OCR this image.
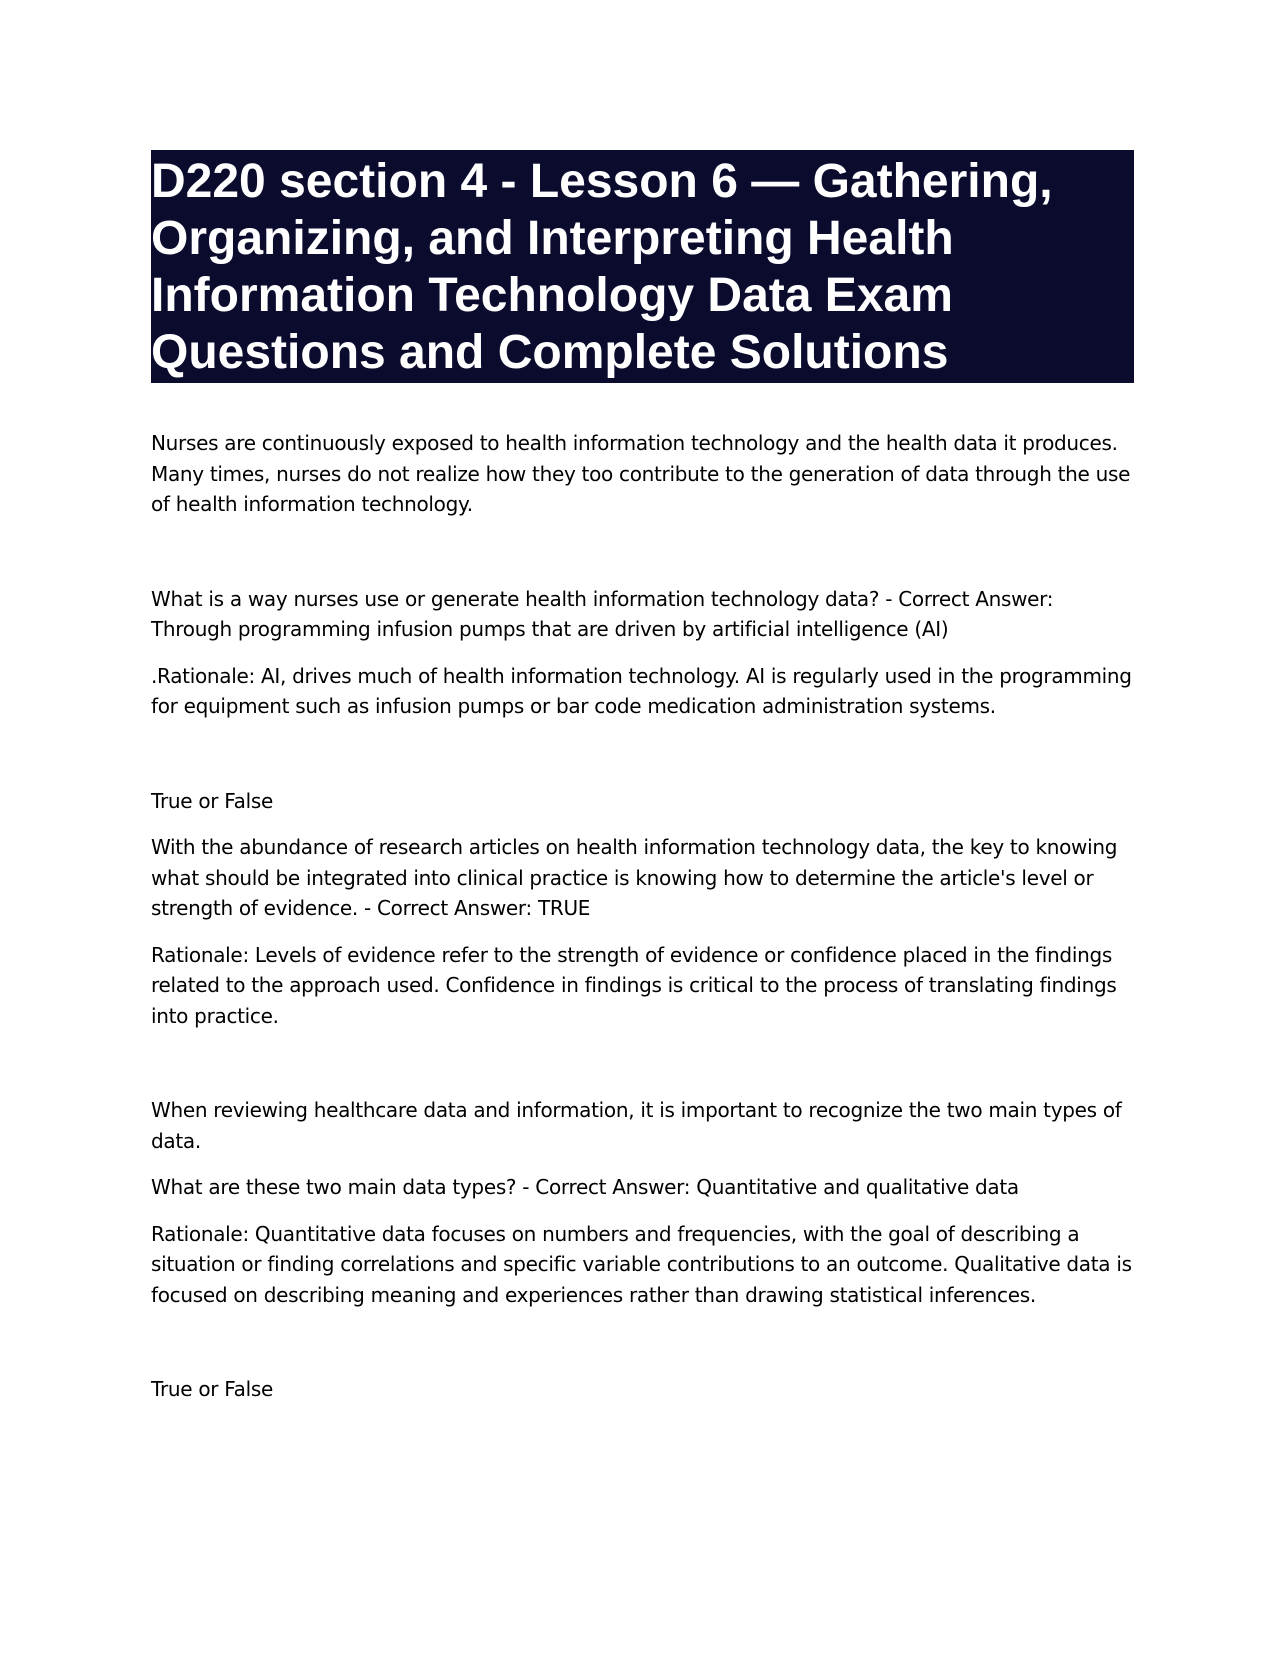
D220 section 4 - Lesson 6 — Gathering, Organizing, and Interpreting Health Information Technology Data Exam Questions and Complete Solutions

Nurses are continuously exposed to health information technology and the health data it produces. Many times, nurses do not realize how they too contribute to the generation of data through the use of health information technology.

What is a way nurses use or generate health information technology data? - Correct Answer: Through programming infusion pumps that are driven by artificial intelligence (AI)

.Rationale: AI, drives much of health information technology. AI is regularly used in the programming for equipment such as infusion pumps or bar code medication administration systems.

True or False

With the abundance of research articles on health information technology data, the key to knowing what should be integrated into clinical practice is knowing how to determine the article's level or strength of evidence. - Correct Answer: TRUE

Rationale: Levels of evidence refer to the strength of evidence or confidence placed in the findings related to the approach used. Confidence in findings is critical to the process of translating findings into practice.

When reviewing healthcare data and information, it is important to recognize the two main types of data.

What are these two main data types? - Correct Answer: Quantitative and qualitative data

Rationale: Quantitative data focuses on numbers and frequencies, with the goal of describing a situation or finding correlations and specific variable contributions to an outcome. Qualitative data is focused on describing meaning and experiences rather than drawing statistical inferences.

True or False
